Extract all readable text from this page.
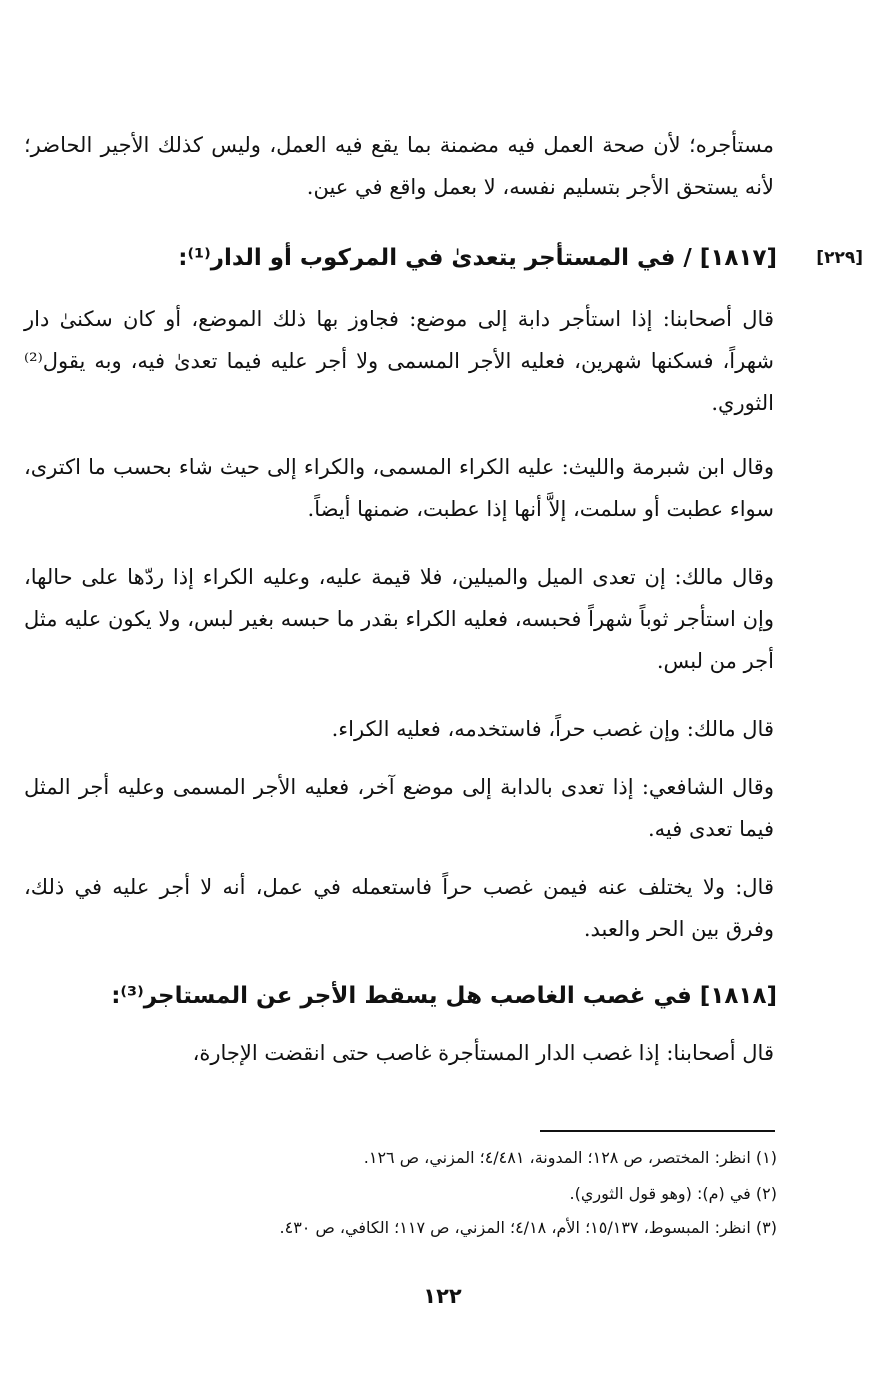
مستأجره؛ لأن صحة العمل فيه مضمنة بما يقع فيه العمل، وليس كذلك الأجير الحاضر؛ لأنه يستحق الأجر بتسليم نفسه، لا بعمل واقع في عين.
[٢٢٩]
[١٨١٧] / في المستأجر يتعدىٰ في المركوب أو الدار⁽¹⁾:
قال أصحابنا: إذا استأجر دابة إلى موضع: فجاوز بها ذلك الموضع، أو كان سكنىٰ دار شهراً، فسكنها شهرين، فعليه الأجر المسمى ولا أجر عليه فيما تعدىٰ فيه، وبه يقول⁽²⁾ الثوري.
وقال ابن شبرمة والليث: عليه الكراء المسمى، والكراء إلى حيث شاء بحسب ما اكترى، سواء عطبت أو سلمت، إلاَّ أنها إذا عطبت، ضمنها أيضاً.
وقال مالك: إن تعدى الميل والميلين، فلا قيمة عليه، وعليه الكراء إذا ردّها على حالها، وإن استأجر ثوباً شهراً فحبسه، فعليه الكراء بقدر ما حبسه بغير لبس، ولا يكون عليه مثل أجر من لبس.
قال مالك: وإن غصب حراً، فاستخدمه، فعليه الكراء.
وقال الشافعي: إذا تعدى بالدابة إلى موضع آخر، فعليه الأجر المسمى وعليه أجر المثل فيما تعدى فيه.
قال: ولا يختلف عنه فيمن غصب حراً فاستعمله في عمل، أنه لا أجر عليه في ذلك، وفرق بين الحر والعبد.
[١٨١٨] في غصب الغاصب هل يسقط الأجر عن المستاجر⁽³⁾:
قال أصحابنا: إذا غصب الدار المستأجرة غاصب حتى انقضت الإجارة،
(١) انظر: المختصر، ص ١٢٨؛ المدونة، ٤/٤٨١؛ المزني، ص ١٢٦.
(٢) في (م): (وهو قول الثوري).
(٣) انظر: المبسوط، ١٥/١٣٧؛ الأم، ٤/١٨؛ المزني، ص ١١٧؛ الكافي، ص ٤٣٠.
١٢٢
